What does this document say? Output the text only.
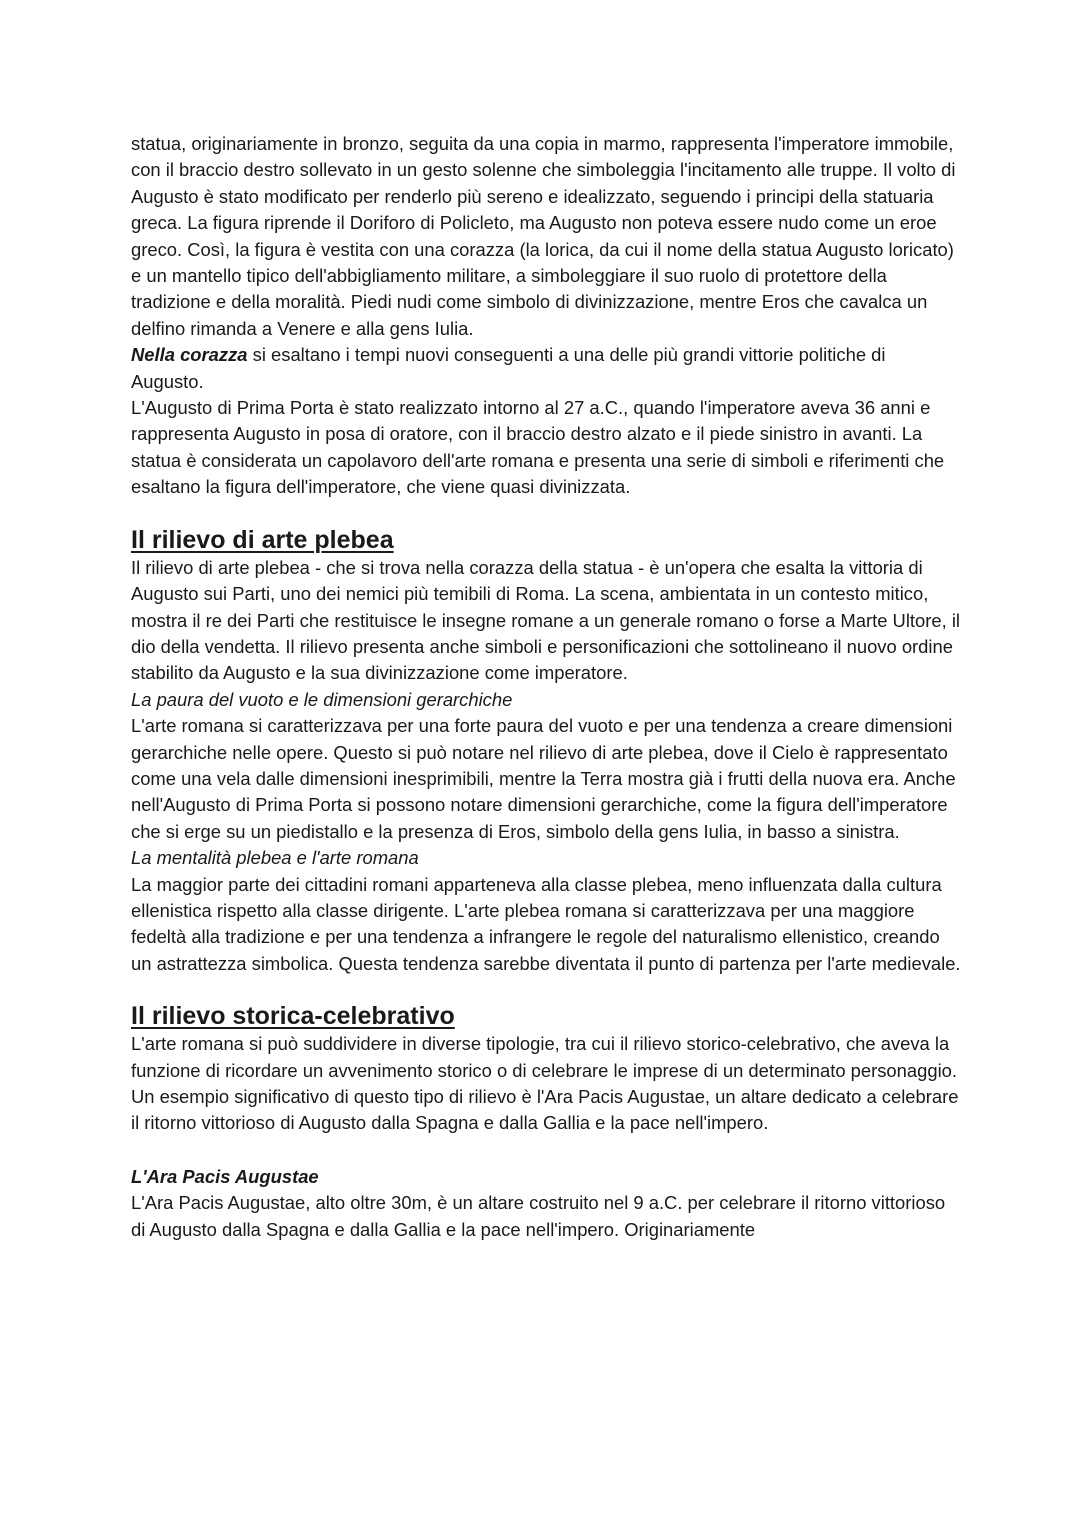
statua, originariamente in bronzo, seguita da una copia in marmo, rappresenta l'imperatore immobile, con il braccio destro sollevato in un gesto solenne che simboleggia l'incitamento alle truppe. Il volto di Augusto è stato modificato per renderlo più sereno e idealizzato, seguendo i principi della statuaria greca. La figura riprende il Doriforo di Policleto, ma Augusto non poteva essere nudo come un eroe greco. Così, la figura è vestita con una corazza (la lorica, da cui il nome della statua Augusto loricato) e un mantello tipico dell'abbigliamento militare, a simboleggiare il suo ruolo di protettore della tradizione e della moralità. Piedi nudi come simbolo di divinizzazione, mentre Eros che cavalca un delfino rimanda a Venere e alla gens Iulia.

Nella corazza si esaltano i tempi nuovi conseguenti a una delle più grandi vittorie politiche di Augusto.

L'Augusto di Prima Porta è stato realizzato intorno al 27 a.C., quando l'imperatore aveva 36 anni e rappresenta Augusto in posa di oratore, con il braccio destro alzato e il piede sinistro in avanti. La statua è considerata un capolavoro dell'arte romana e presenta una serie di simboli e riferimenti che esaltano la figura dell'imperatore, che viene quasi divinizzata.

Il rilievo di arte plebea

Il rilievo di arte plebea - che si trova nella corazza della statua - è un'opera che esalta la vittoria di Augusto sui Parti, uno dei nemici più temibili di Roma. La scena, ambientata in un contesto mitico, mostra il re dei Parti che restituisce le insegne romane a un generale romano o forse a Marte Ultore, il dio della vendetta. Il rilievo presenta anche simboli e personificazioni che sottolineano il nuovo ordine stabilito da Augusto e la sua divinizzazione come imperatore.

La paura del vuoto e le dimensioni gerarchiche

L'arte romana si caratterizzava per una forte paura del vuoto e per una tendenza a creare dimensioni gerarchiche nelle opere. Questo si può notare nel rilievo di arte plebea, dove il Cielo è rappresentato come una vela dalle dimensioni inesprimibili, mentre la Terra mostra già i frutti della nuova era. Anche nell'Augusto di Prima Porta si possono notare dimensioni gerarchiche, come la figura dell'imperatore che si erge su un piedistallo e la presenza di Eros, simbolo della gens Iulia, in basso a sinistra.

La mentalità plebea e l'arte romana

La maggior parte dei cittadini romani apparteneva alla classe plebea, meno influenzata dalla cultura ellenistica rispetto alla classe dirigente. L'arte plebea romana si caratterizzava per una maggiore fedeltà alla tradizione e per una tendenza a infrangere le regole del naturalismo ellenistico, creando un astrattezza simbolica. Questa tendenza sarebbe diventata il punto di partenza per l'arte medievale.

Il rilievo storica-celebrativo

L'arte romana si può suddividere in diverse tipologie, tra cui il rilievo storico-celebrativo, che aveva la funzione di ricordare un avvenimento storico o di celebrare le imprese di un determinato personaggio. Un esempio significativo di questo tipo di rilievo è l'Ara Pacis Augustae, un altare dedicato a celebrare il ritorno vittorioso di Augusto dalla Spagna e dalla Gallia e la pace nell'impero.

L'Ara Pacis Augustae

L'Ara Pacis Augustae, alto oltre 30m, è un altare costruito nel 9 a.C. per celebrare il ritorno vittorioso di Augusto dalla Spagna e dalla Gallia e la pace nell'impero. Originariamente
